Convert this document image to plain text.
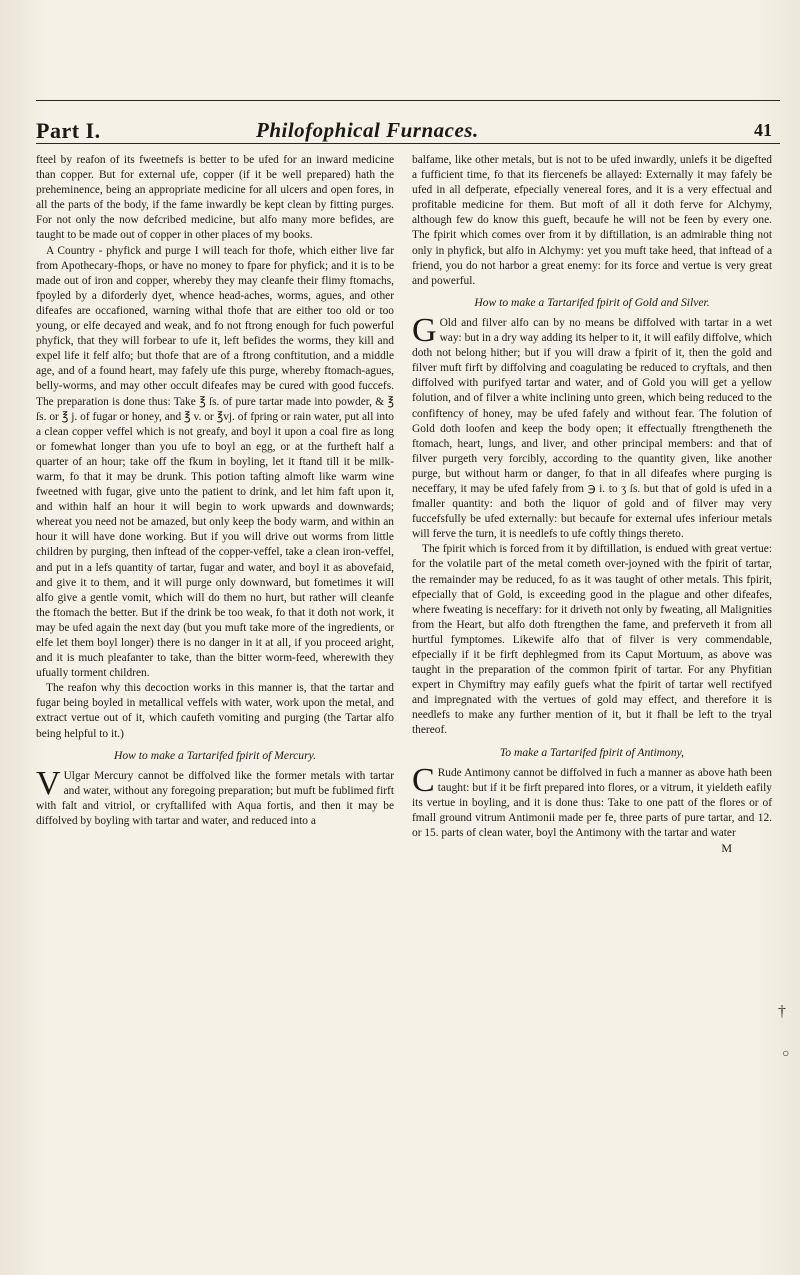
Part I.	Philofophical Furnaces.	41

fteel by reafon of its fweetnefs is better to be ufed for an inward medicine than copper. But for external ufe, copper (if it be well prepared) hath the preheminence, being an appropriate medicine for all ulcers and open fores, in all the parts of the body, if the fame inwardly be kept clean by fitting purges. For not only the now defcribed medicine, but alfo many more befides, are taught to be made out of copper in other places of my books.

A Country - phyfick and purge I will teach for thofe, which either live far from Apothecary-fhops, or have no money to fpare for phyfick; and it is to be made out of iron and copper, whereby they may cleanfe their flimy ftomachs, fpoyled by a diforderly dyet, whence head-aches, worms, agues, and other difeafes are occafioned, warning withal thofe that are either too old or too young, or elfe decayed and weak, and fo not ftrong enough for fuch powerful phyfick, that they will forbear to ufe it, left befides the worms, they kill and expel life it felf alfo; but thofe that are of a ftrong conftitution, and a middle age, and of a found heart, may fafely ufe this purge, whereby ftomach-agues, belly-worms, and may other occult difeafes may be cured with good fuccefs. The preparation is done thus: Take ℥ ſs. of pure tartar made into powder, & ℥ ſs. or ℥ j. of fugar or honey, and ℥ v. or ℥vj. of fpring or rain water, put all into a clean copper veffel which is not greafy, and boyl it upon a coal fire as long or fomewhat longer than you ufe to boyl an egg, or at the furtheft half a quarter of an hour; take off the fkum in boyling, let it ftand till it be milk-warm, fo that it may be drunk. This potion tafting almoft like warm wine fweetned with fugar, give unto the patient to drink, and let him faft upon it, and within half an hour it will begin to work upwards and downwards; whereat you need not be amazed, but only keep the body warm, and within an hour it will have done working. But if you will drive out worms from little children by purging, then inftead of the copper-veffel, take a clean iron-veffel, and put in a lefs quantity of tartar, fugar and water, and boyl it as abovefaid, and give it to them, and it will purge only downward, but fometimes it will alfo give a gentle vomit, which will do them no hurt, but rather will cleanfe the ftomach the better. But if the drink be too weak, fo that it doth not work, it may be ufed again the next day (but you muft take more of the ingredients, or elfe let them boyl longer) there is no danger in it at all, if you proceed aright, and it is much pleafanter to take, than the bitter worm-feed, wherewith they ufually torment children.

The reafon why this decoction works in this manner is, that the tartar and fugar being boyled in metallical veffels with water, work upon the metal, and extract vertue out of it, which caufeth vomiting and purging (the Tartar alfo being helpful to it.)

How to make a Tartarifed fpirit of Mercury.

V Ulgar Mercury cannot be diffolved like the former metals with tartar and water, without any foregoing preparation; but muft be fublimed firft with falt and vitriol, or cryftallifed with Aqua fortis, and then it may be diffolved by boyling with tartar and water, and reduced into a

balfame, like other metals, but is not to be ufed inwardly, unlefs it be digefted a fufficient time, fo that its fiercenefs be allayed: Externally it may fafely be ufed in all defperate, efpecially venereal fores, and it is a very effectual and profitable medicine for them. But moft of all it doth ferve for Alchymy, although few do know this gueft, becaufe he will not be feen by every one. The fpirit which comes over from it by diftillation, is an admirable thing not only in phyfick, but alfo in Alchymy: yet you muft take heed, that inftead of a friend, you do not harbor a great enemy: for its force and vertue is very great and powerful.

How to make a Tartarifed fpirit of Gold and Silver.

G Old and filver alfo can by no means be diffolved with tartar in a wet way: but in a dry way adding its helper to it, it will eafily diffolve, which doth not belong hither; but if you will draw a fpirit of it, then the gold and filver muft firft by diffolving and coagulating be reduced to cryftals, and then diffolved with purifyed tartar and water, and of Gold you will get a yellow folution, and of filver a white inclining unto green, which being reduced to the confiftency of honey, may be ufed fafely and without fear. The folution of Gold doth loofen and keep the body open; it effectually ftrengtheneth the ftomach, heart, lungs, and liver, and other principal members: and that of filver purgeth very forcibly, according to the quantity given, like another purge, but without harm or danger, fo that in all difeafes where purging is neceffary, it may be ufed fafely from ℈ i. to ʒ ſs. but that of gold is ufed in a fmaller quantity: and both the liquor of gold and of filver may very fuccefsfully be ufed externally: but becaufe for external ufes inferiour metals will ferve the turn, it is needlefs to ufe coftly things thereto.

The fpirit which is forced from it by diftillation, is endued with great vertue: for the volatile part of the metal cometh over-joyned with the fpirit of tartar, the remainder may be reduced, fo as it was taught of other metals. This fpirit, efpecially that of Gold, is exceeding good in the plague and other difeafes, where fweating is neceffary: for it driveth not only by fweating, all Malignities from the Heart, but alfo doth ftrengthen the fame, and preferveth it from all hurtful fymptomes. Likewife alfo that of filver is very commendable, efpecially if it be firft dephlegmed from its Caput Mortuum, as above was taught in the preparation of the common fpirit of tartar. For any Phyfitian expert in Chymiftry may eafily guefs what the fpirit of tartar well rectifyed and impregnated with the vertues of gold may effect, and therefore it is needlefs to make any further mention of it, but it fhall be left to the tryal thereof.

To make a Tartarifed fpirit of Antimony,

C Rude Antimony cannot be diffolved in fuch a manner as above hath been taught: but if it be firft prepared into flores, or a vitrum, it yieldeth eafily its vertue in boyling, and it is done thus: Take to one patt of the flores or of fmall ground vitrum Antimonii made per fe, three parts of pure tartar, and 12. or 15. parts of clean water, boyl the Antimony with the tartar and water

M
†
○
